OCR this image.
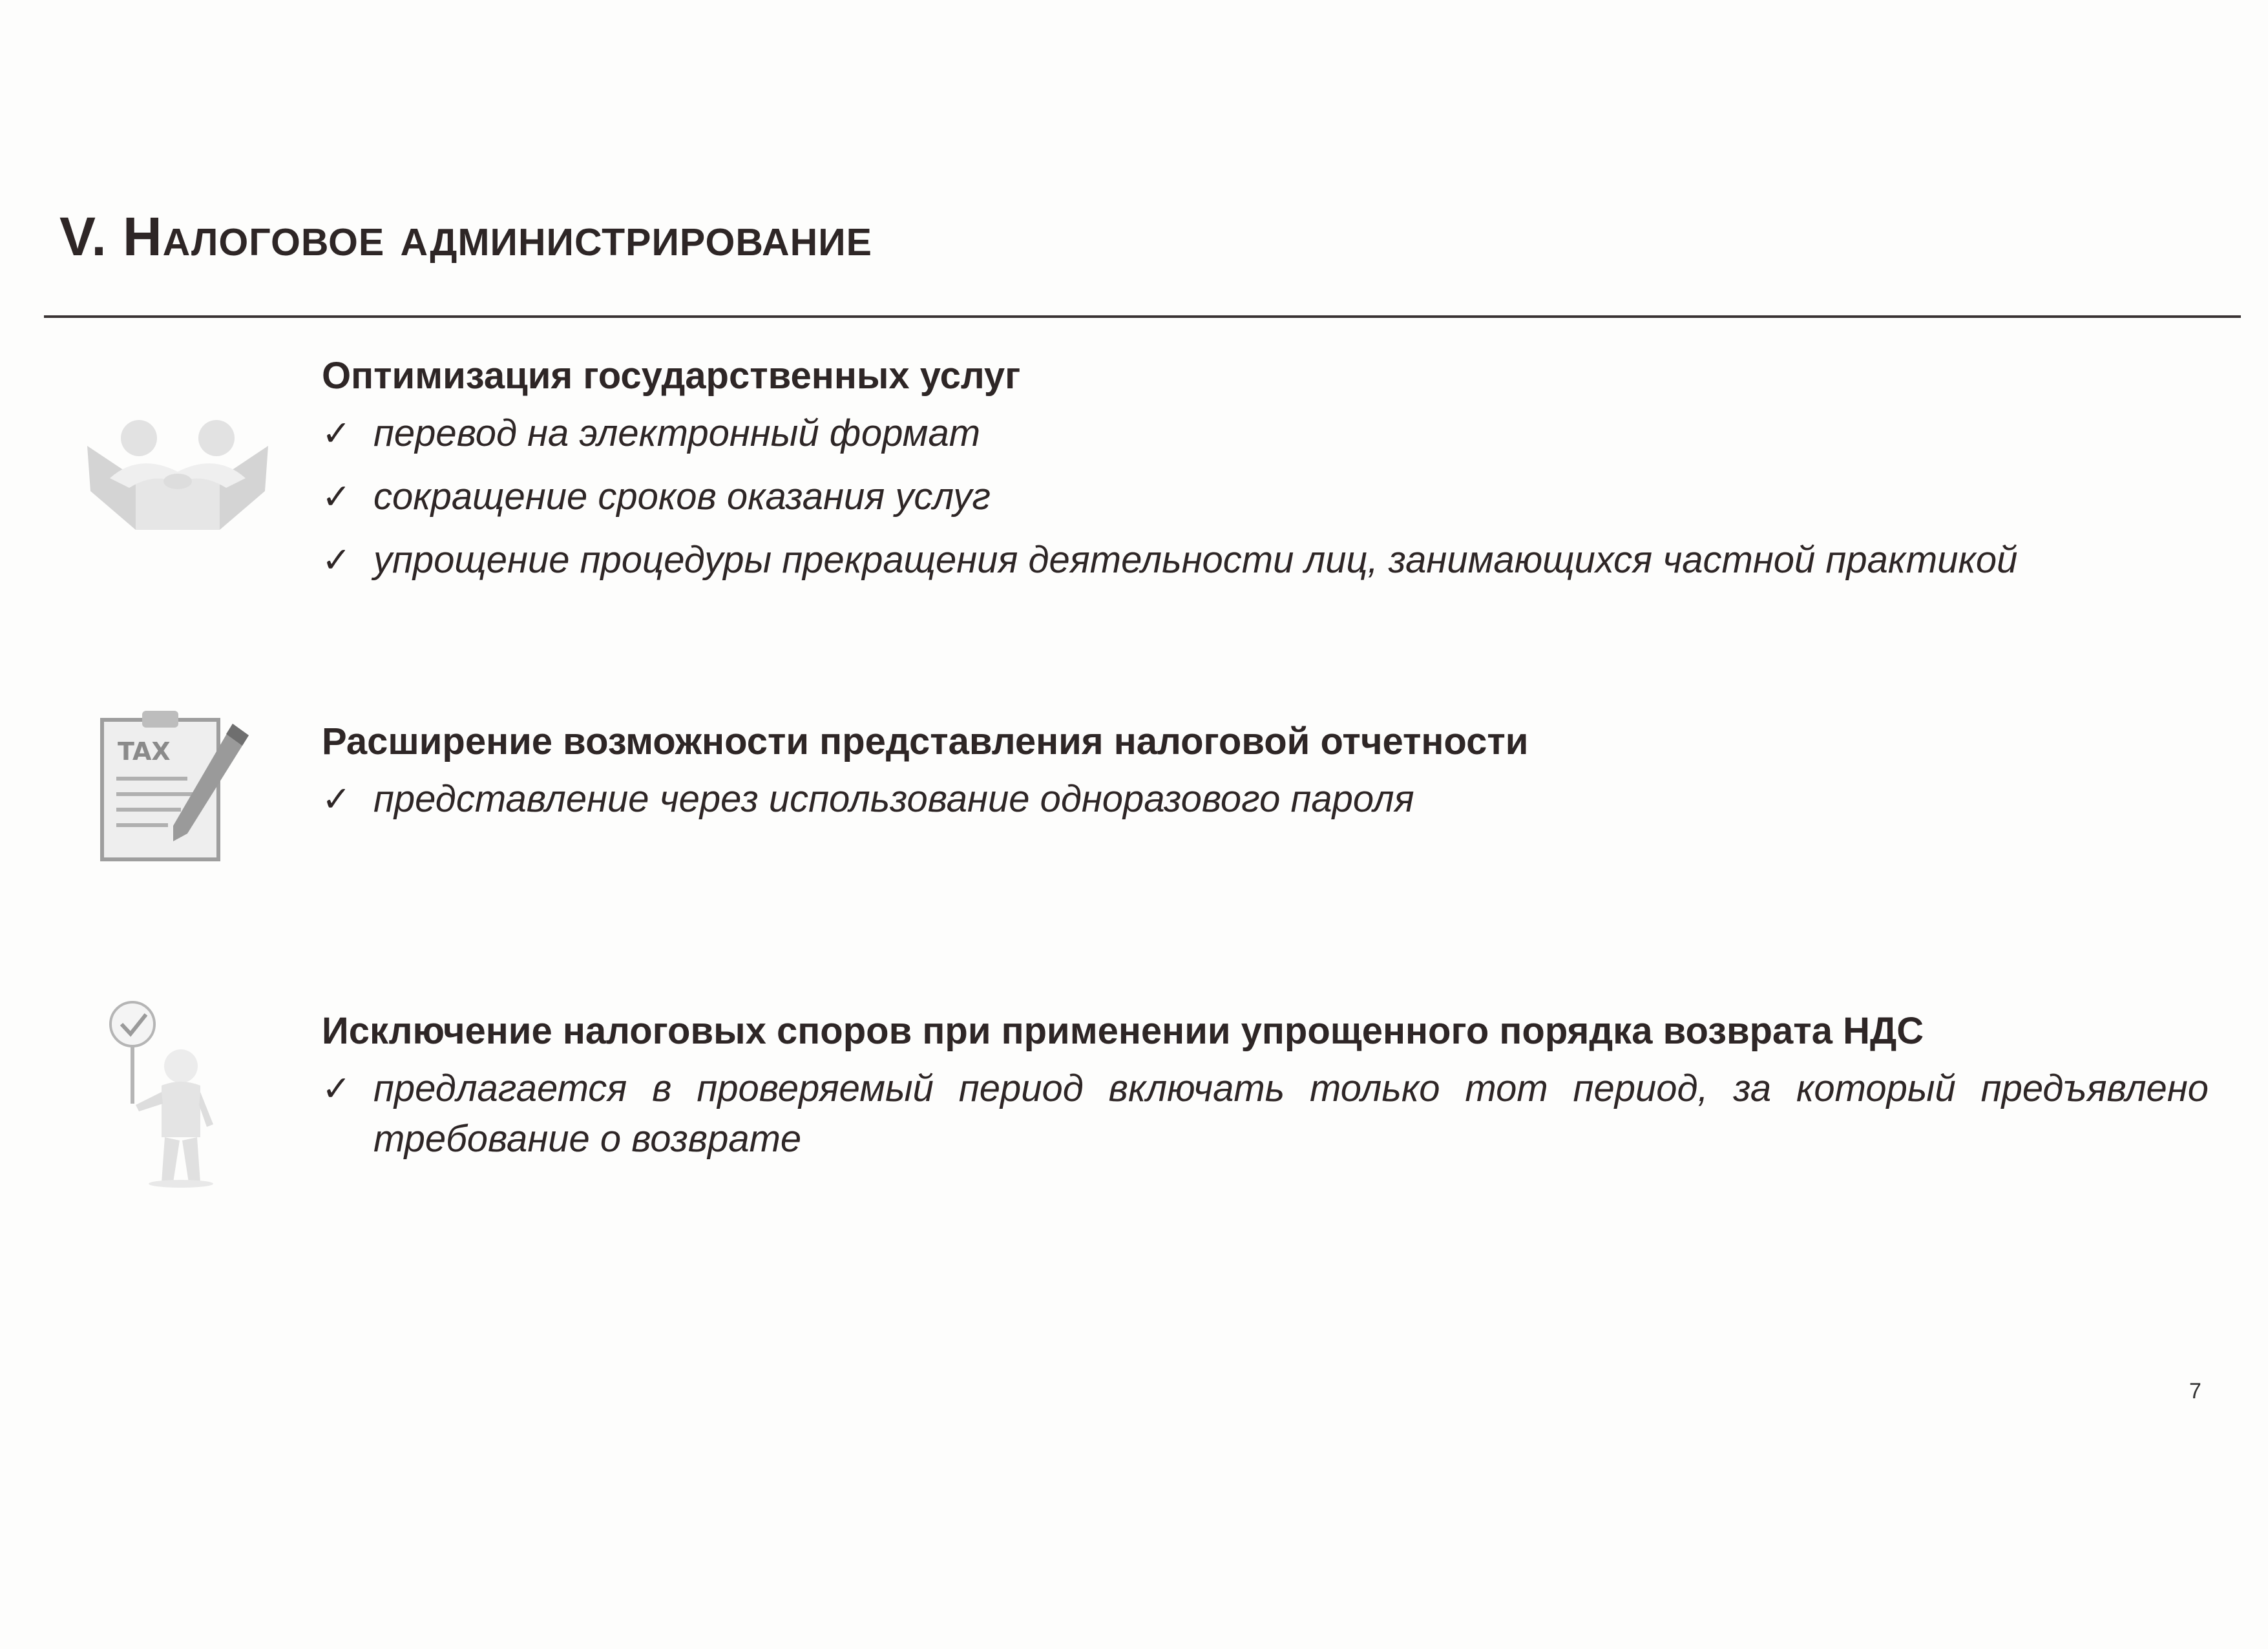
V. Налоговое администрирование
Оптимизация государственных услуг
✓ перевод на электронный формат
✓ сокращение сроков оказания услуг
✓ упрощение процедуры прекращения деятельности лиц, занимающихся частной практикой
TAX	Расширение возможности представления налоговой отчетности
✓ представление через использование одноразового пароля
Исключение налоговых споров при применении упрощенного порядка возврата НДС
✓ предлагается в проверяемый период включать только тот период, за который предъявлено требование о возврате
7
